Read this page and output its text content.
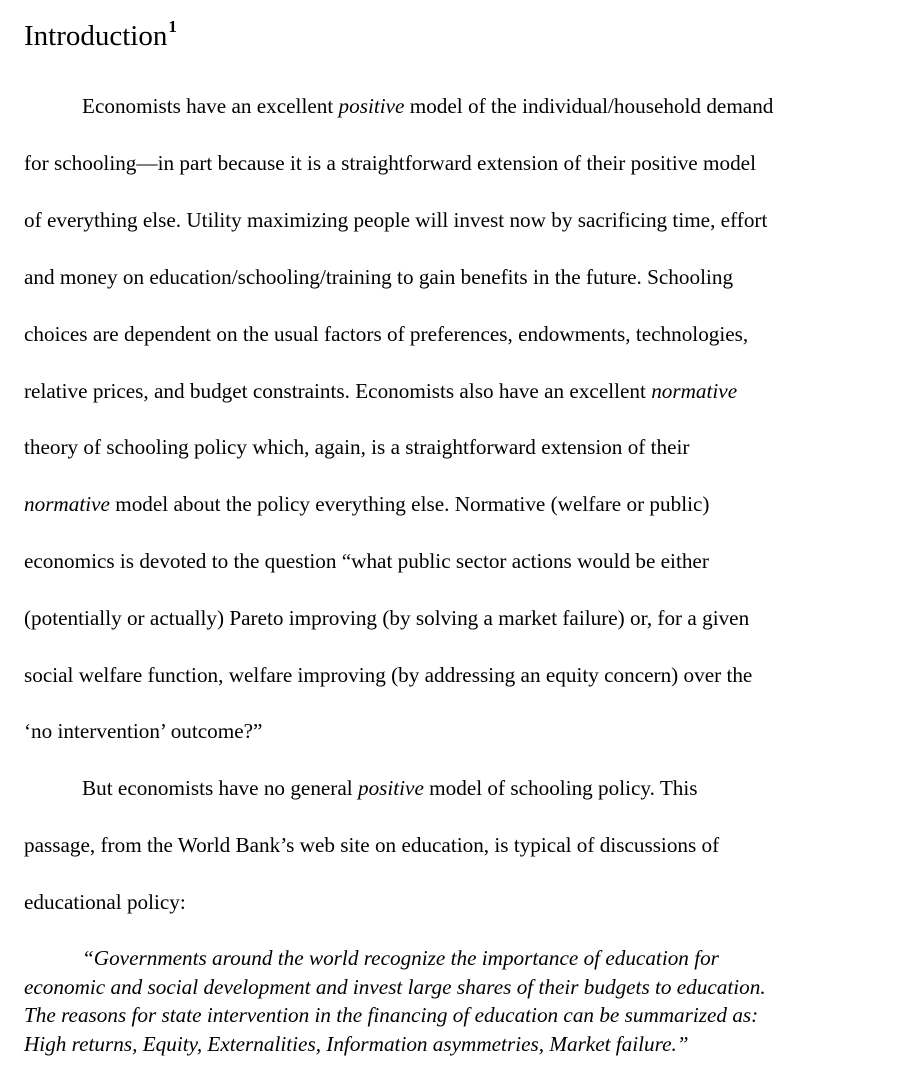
Introduction$^1$
Economists have an excellent positive model of the individual/household demand
for schooling—in part because it is a straightforward extension of their positive model
of everything else. Utility maximizing people will invest now by sacrificing time, effort
and money on education/schooling/training to gain benefits in the future. Schooling
choices are dependent on the usual factors of preferences, endowments, technologies,
relative prices, and budget constraints. Economists also have an excellent normative
theory of schooling policy which, again, is a straightforward extension of their
normative model about the policy everything else. Normative (welfare or public)
economics is devoted to the question “what public sector actions would be either
(potentially or actually) Pareto improving (by solving a market failure) or, for a given
social welfare function, welfare improving (by addressing an equity concern) over the
‘no intervention’ outcome?”
But economists have no general positive model of schooling policy. This
passage, from the World Bank’s web site on education, is typical of discussions of
educational policy:
“Governments around the world recognize the importance of education for
economic and social development and invest large shares of their budgets to education.
The reasons for state intervention in the financing of education can be summarized as:
High returns, Equity, Externalities, Information asymmetries, Market failure.”
